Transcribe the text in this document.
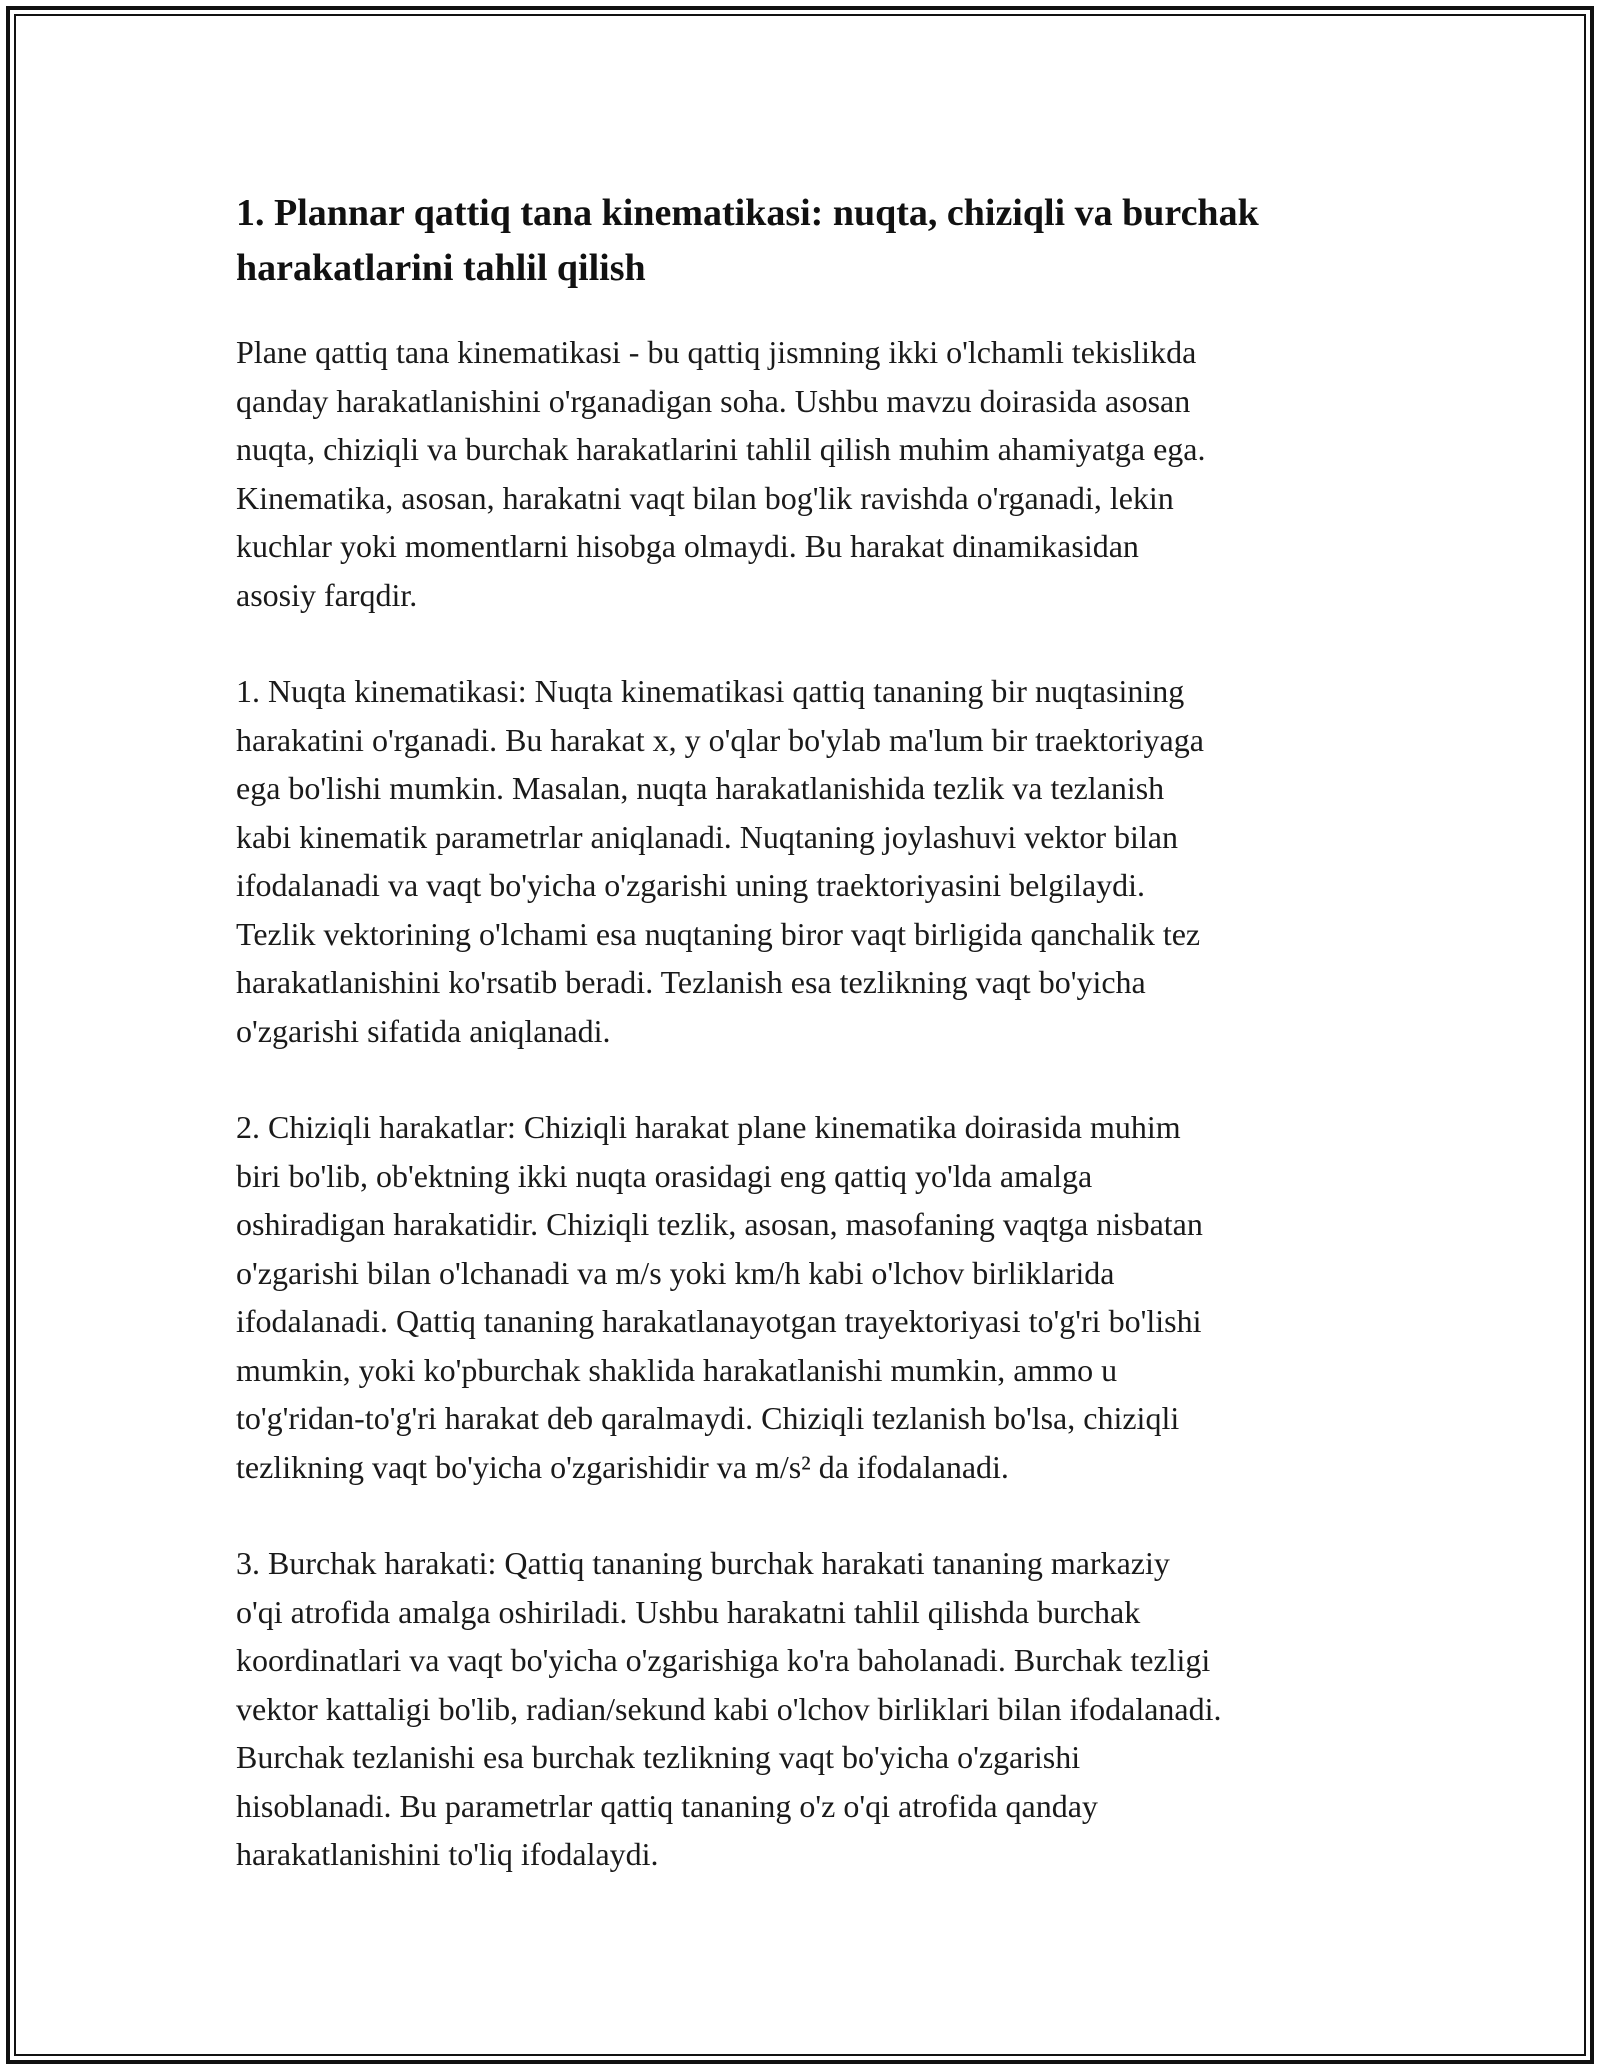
1. Plannar qattiq tana kinematikasi: nuqta, chiziqli va burchak
harakatlarini tahlil qilish

Plane qattiq tana kinematikasi - bu qattiq jismning ikki o'lchamli tekislikda
qanday harakatlanishini o'rganadigan soha. Ushbu mavzu doirasida asosan
nuqta, chiziqli va burchak harakatlarini tahlil qilish muhim ahamiyatga ega.
Kinematika, asosan, harakatni vaqt bilan bog'lik ravishda o'rganadi, lekin
kuchlar yoki momentlarni hisobga olmaydi. Bu harakat dinamikasidan
asosiy farqdir.

1. Nuqta kinematikasi: Nuqta kinematikasi qattiq tananing bir nuqtasining
harakatini o'rganadi. Bu harakat x, y o'qlar bo'ylab ma'lum bir traektoriyaga
ega bo'lishi mumkin. Masalan, nuqta harakatlanishida tezlik va tezlanish
kabi kinematik parametrlar aniqlanadi. Nuqtaning joylashuvi vektor bilan
ifodalanadi va vaqt bo'yicha o'zgarishi uning traektoriyasini belgilaydi.
Tezlik vektorining o'lchami esa nuqtaning biror vaqt birligida qanchalik tez
harakatlanishini ko'rsatib beradi. Tezlanish esa tezlikning vaqt bo'yicha
o'zgarishi sifatida aniqlanadi.

2. Chiziqli harakatlar: Chiziqli harakat plane kinematika doirasida muhim
biri bo'lib, ob'ektning ikki nuqta orasidagi eng qattiq yo'lda amalga
oshiradigan harakatidir. Chiziqli tezlik, asosan, masofaning vaqtga nisbatan
o'zgarishi bilan o'lchanadi va m/s yoki km/h kabi o'lchov birliklarida
ifodalanadi. Qattiq tananing harakatlanayotgan trayektoriyasi to'g'ri bo'lishi
mumkin, yoki ko'pburchak shaklida harakatlanishi mumkin, ammo u
to'g'ridan-to'g'ri harakat deb qaralmaydi. Chiziqli tezlanish bo'lsa, chiziqli
tezlikning vaqt bo'yicha o'zgarishidir va m/s² da ifodalanadi.

3. Burchak harakati: Qattiq tananing burchak harakati tananing markaziy
o'qi atrofida amalga oshiriladi. Ushbu harakatni tahlil qilishda burchak
koordinatlari va vaqt bo'yicha o'zgarishiga ko'ra baholanadi. Burchak tezligi
vektor kattaligi bo'lib, radian/sekund kabi o'lchov birliklari bilan ifodalanadi.
Burchak tezlanishi esa burchak tezlikning vaqt bo'yicha o'zgarishi
hisoblanadi. Bu parametrlar qattiq tananing o'z o'qi atrofida qanday
harakatlanishini to'liq ifodalaydi.
